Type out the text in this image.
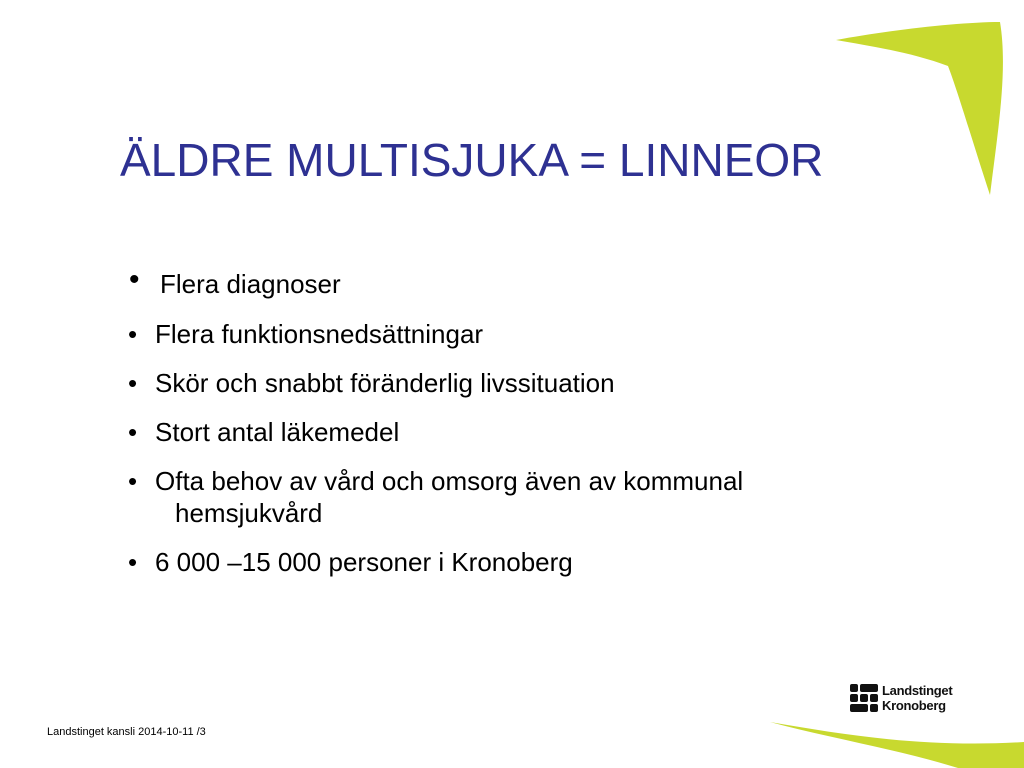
ÄLDRE MULTISJUKA = LINNEOR
• Flera diagnoser
• Flera funktionsnedsättningar
• Skör och snabbt föränderlig livssituation
• Stort antal läkemedel
• Ofta behov av vård och omsorg även av kommunal
hemsjukvård
• 6 000 –15 000 personer i Kronoberg
Landstinget kansli 2014-10-11 /3
Landstinget
Kronoberg
